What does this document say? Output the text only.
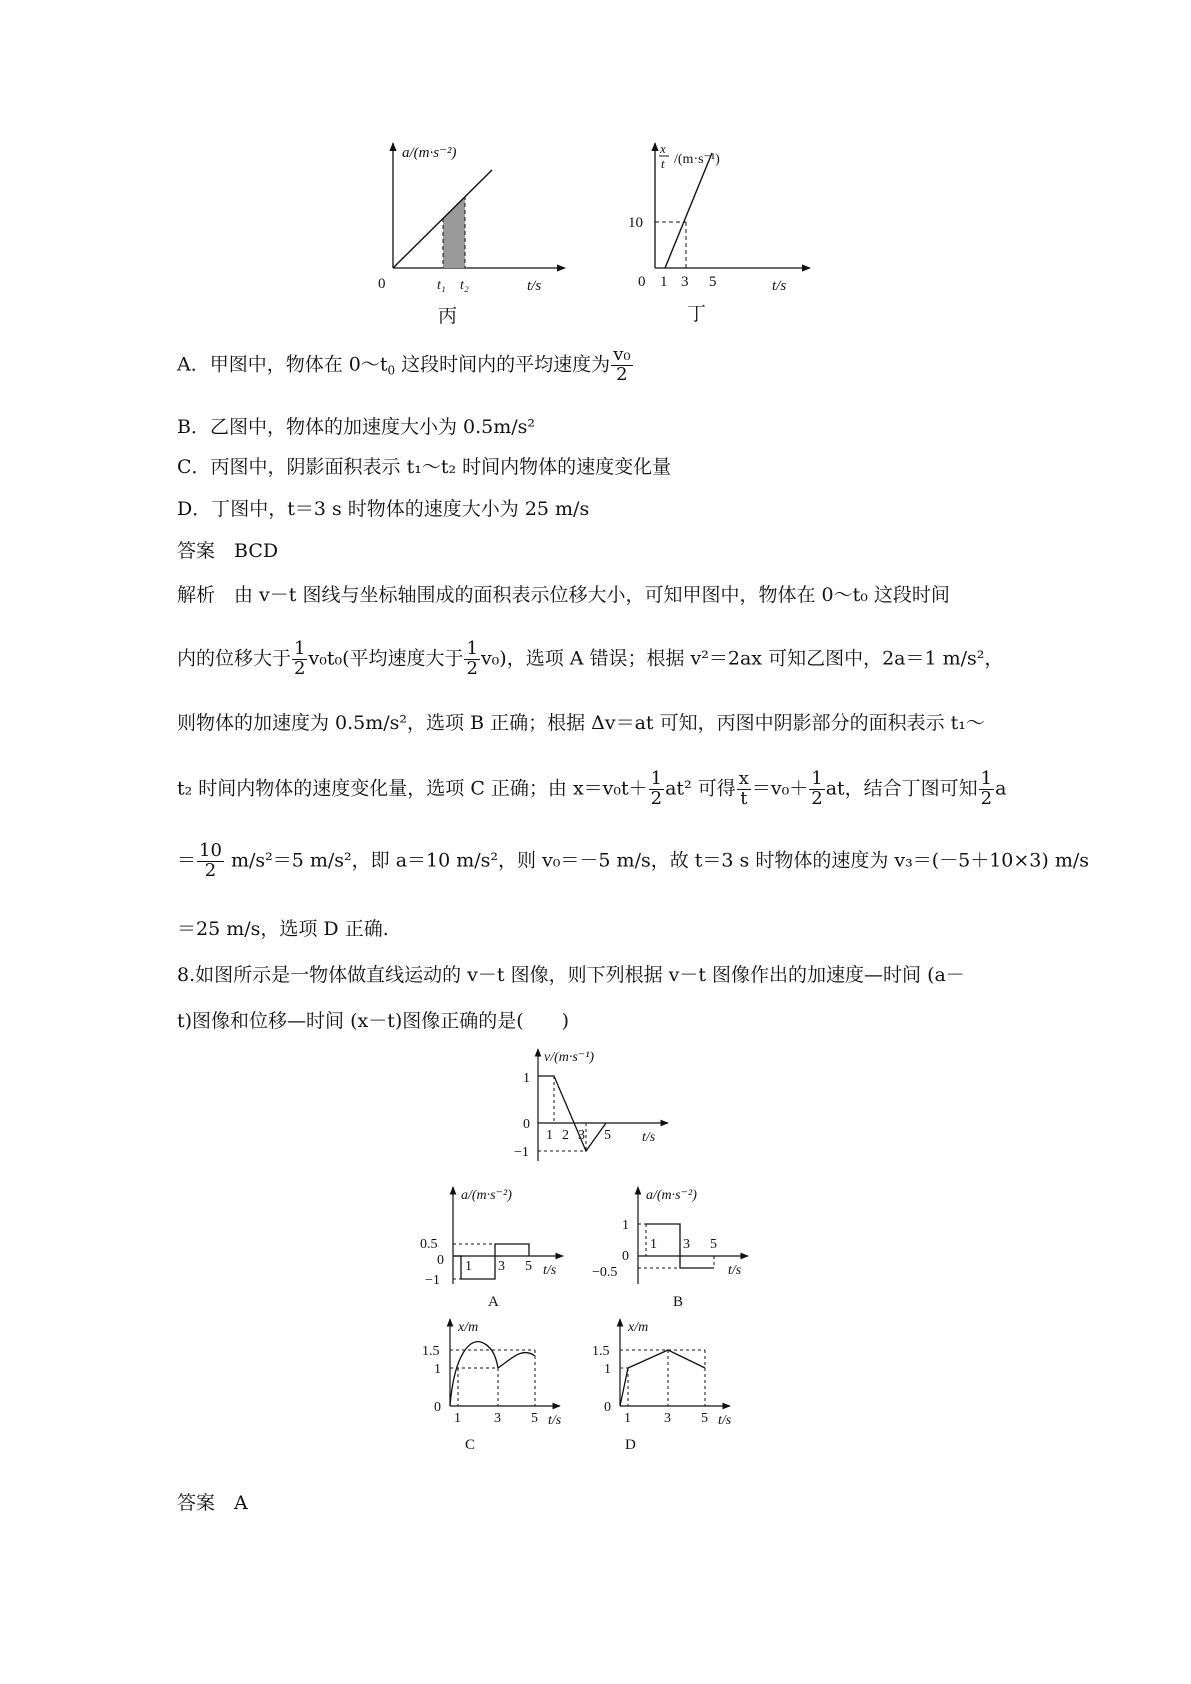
a/(m·s⁻²)
0	t₁ t₂	t/s
丙
x
t /(m·s⁻¹)
10
0 1 3 5	t/s
丁
A．甲图中，物体在 $0\sim t_0$ 这段时间内的平均速度为 $\frac{\text{v₀}}{2}$
B．乙图中，物体的加速度大小为 0.5m/s²
C．丙图中，阴影面积表示 t₁～t₂ 时间内物体的速度变化量
D．丁图中，t＝3 s 时物体的速度大小为 25 m/s
答案　BCD
解析　由 v－t 图线与坐标轴围成的面积表示位移大小，可知甲图中，物体在 0～t₀ 这段时间
内的位移大于 $\frac{1}{2} v_0t_0$(平均速度大于 $\frac{1}{2} v_0$)，选项 A 错误；根据 v²＝2ax 可知乙图中，2a＝1 m/s²，
则物体的加速度为 0.5m/s²，选项 B 正确；根据 Δv＝at 可知，丙图中阴影部分的面积表示 t₁～
t₂ 时间内物体的速度变化量，选项 C 正确；由 $x=v_0t+ \frac{1}{2} at^2$ 可得 $\frac{x}{t} =v_0+ \frac{1}{2}$ at，结合丁图可知 $\frac{1}{2}$ a
＝ $\frac{10}{2} m/s^2=5$ m/s²，即 a＝10 m/s²，则 v₀＝－5 m/s，故 t＝3 s 时物体的速度为 v₃＝(－5＋10×3) m/s
＝25 m/s，选项 D 正确.
8.如图所示是一物体做直线运动的 v－t 图像，则下列根据 v－t 图像作出的加速度—时间 (a－
t)图像和位移—时间 (x－t)图像正确的是(　　)
v/(m·s⁻¹)
1
0
−1
1 2 3 5 t/s
a/(m·s⁻²)
0.5
0
−1
1 3 5 t/s
A
a/(m·s⁻²)
1
0
−0.5
1 3 5
t/s
B
x/m
1.5
1
0
1 3 5 t/s
C
x/m
1.5
1
0
1 3 5 t/s
D
答案　A
